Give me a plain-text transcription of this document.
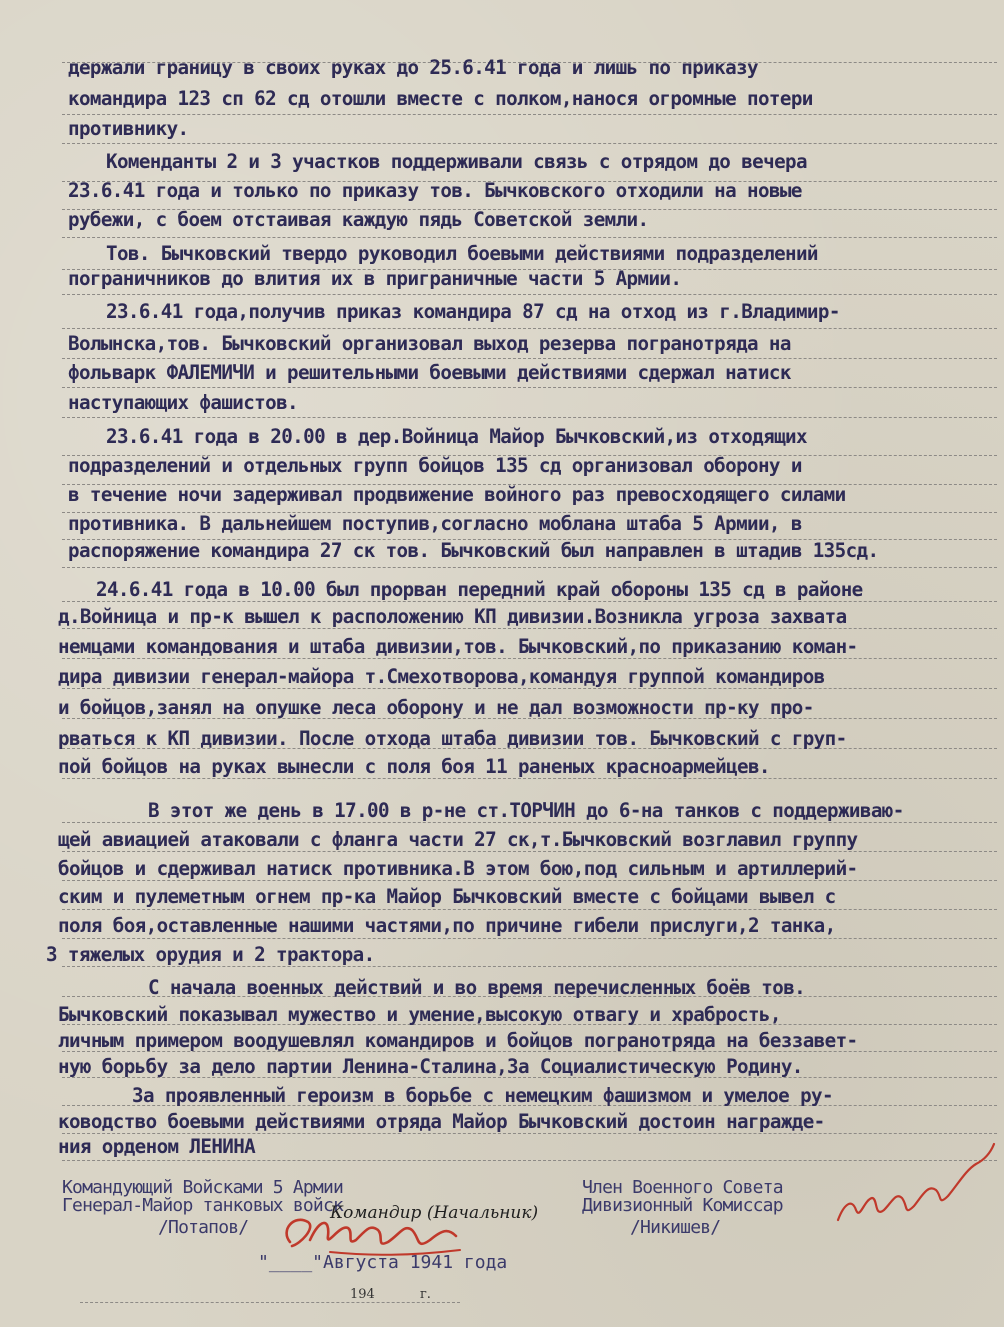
держали границу в своих руках до 25.6.41 года и лишь по приказу
командира 123 сп 62 сд отошли вместе с полком,нанося огромные потери
противнику.
Коменданты 2 и 3 участков поддерживали связь с отрядом до вечера
23.6.41 года и только по приказу тов. Бычковского отходили на новые
рубежи, с боем отстаивая каждую пядь Советской земли.
Тов. Бычковский твердо руководил боевыми действиями подразделений
пограничников до влития их в приграничные части 5 Армии.
23.6.41 года,получив приказ командира 87 сд на отход из г.Владимир-
Волынска,тов. Бычковский организовал выход резерва погранотряда на
фольварк ФАЛЕМИЧИ и решительными боевыми действиями сдержал натиск
наступающих фашистов.
23.6.41 года в 20.00 в дер.Войница Майор Бычковский,из отходящих
подразделений и отдельных групп бойцов 135 сд организовал оборону и
в течение ночи задерживал продвижение войного раз превосходящего силами
противника. В дальнейшем поступив,согласно моблана штаба 5 Армии, в
распоряжение командира 27 ск тов. Бычковский был направлен в штадив 135сд.
24.6.41 года в 10.00 был прорван передний край обороны 135 сд в районе
д.Войница и пр-к вышел к расположению КП дивизии.Возникла угроза захвата
немцами командования и штаба дивизии,тов. Бычковский,по приказанию коман-
дира дивизии генерал-майора т.Смехотворова,командуя группой командиров
и бойцов,занял на опушке леса оборону и не дал возможности пр-ку про-
рваться к КП дивизии. После отхода штаба дивизии тов. Бычковский с груп-
пой бойцов на руках вынесли с поля боя 11 раненых красноармейцев.
В этот же день в 17.00 в р-не ст.ТОРЧИН до 6-на танков с поддерживаю-
щей авиацией атаковали с фланга части 27 ск,т.Бычковский возглавил группу
бойцов и сдерживал натиск противника.В этом бою,под сильным и артиллерий-
ским и пулеметным огнем пр-ка Майор Бычковский вместе с бойцами вывел с
поля боя,оставленные нашими частями,по причине гибели прислуги,2 танка,
3 тяжелых орудия и 2 трактора.
С начала военных действий и во время перечисленных боёв тов.
Бычковский показывал мужество и умение,высокую отвагу и храбрость,
личным примером воодушевлял командиров и бойцов погранотряда на беззавет-
ную борьбу за дело партии Ленина-Сталина,За Социалистическую Родину.
За проявленный героизм в борьбе с немецким фашизмом и умелое ру-
ководство боевыми действиями отряда Майор Бычковский достоин награжде-
ния орденом ЛЕНИНА
Командующий Войсками 5 Армии
Генерал-Майор танковых войск
/Потапов/
Член Военного Совета
Дивизионный Комиссар
/Никишев/
Командир (Начальник)
"____"Августа 1941 года
194	г.
